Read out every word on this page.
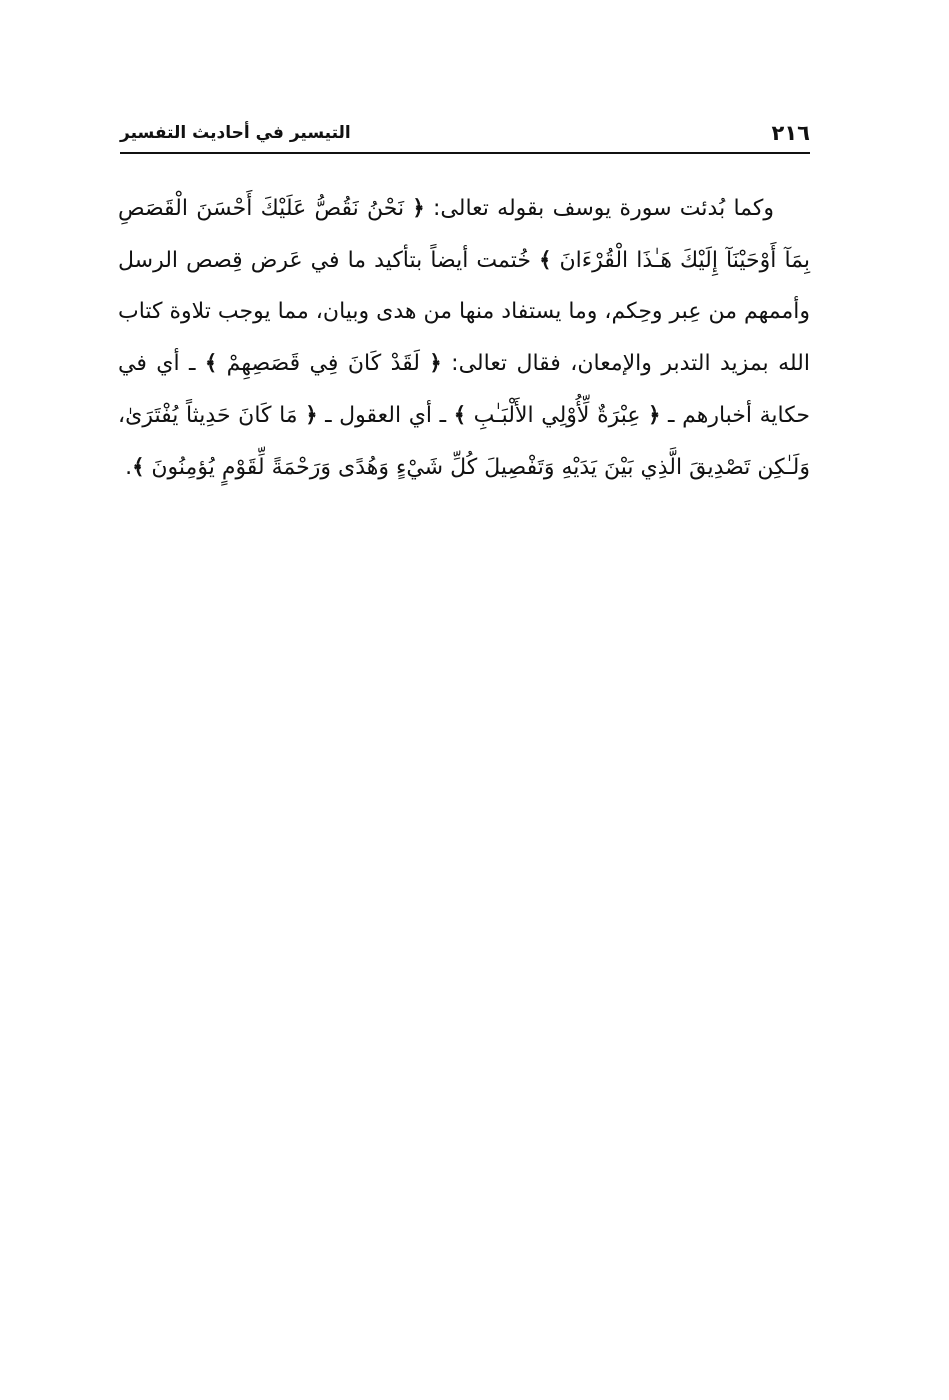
٢١٦
التيسير في أحاديث التفسير

وكما بُدئت سورة يوسف بقوله تعالى: ﴿ نَحْنُ نَقُصُّ عَلَيْكَ أَحْسَنَ الْقَصَصِ بِمَآ أَوْحَيْنَآ إِلَيْكَ هَـٰذَا الْقُرْءَانَ ﴾ خُتمت أيضاً بتأكيد ما في عَرض قِصص الرسل وأممهم من عِبر وحِكم، وما يستفاد منها من هدى وبيان، مما يوجب تلاوة كتاب الله بمزيد التدبر والإمعان، فقال تعالى: ﴿ لَقَدْ كَانَ فِي قَصَصِهِمْ ﴾ ـ أي في حكاية أخبارهم ـ ﴿ عِبْرَةٌ لِّأُوْلِي الأَلْبَـٰبِ ﴾ ـ أي العقول ـ ﴿ مَا كَانَ حَدِيثاً يُفْتَرَىٰ، وَلَـٰكِن تَصْدِيقَ الَّذِي بَيْنَ يَدَيْهِ وَتَفْصِيلَ كُلِّ شَيْءٍ وَهُدًى وَرَحْمَةً لِّقَوْمٍ يُؤمِنُونَ ﴾.
